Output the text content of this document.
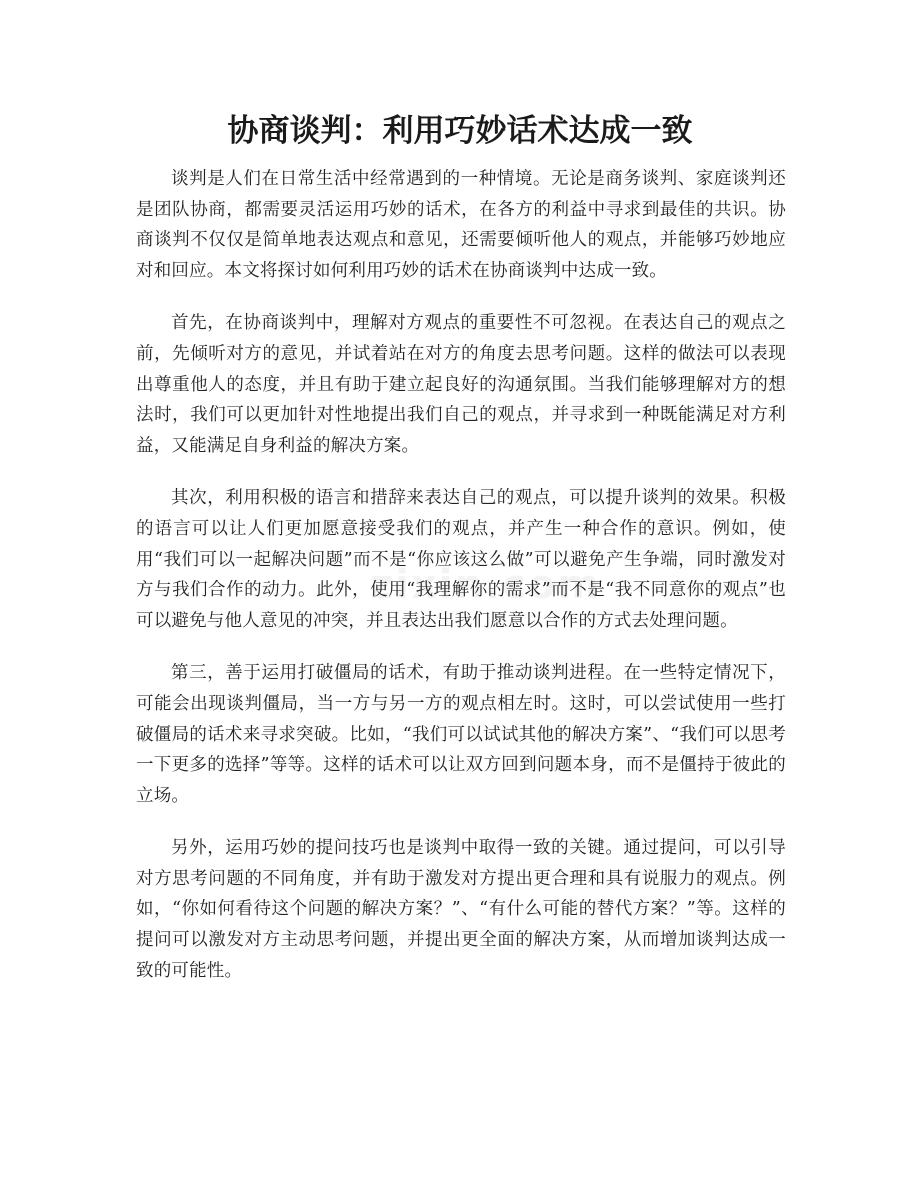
协商谈判：利用巧妙话术达成一致

谈判是人们在日常生活中经常遇到的一种情境。无论是商务谈判、家庭谈判还是团队协商，都需要灵活运用巧妙的话术，在各方的利益中寻求到最佳的共识。协商谈判不仅仅是简单地表达观点和意见，还需要倾听他人的观点，并能够巧妙地应对和回应。本文将探讨如何利用巧妙的话术在协商谈判中达成一致。

首先，在协商谈判中，理解对方观点的重要性不可忽视。在表达自己的观点之前，先倾听对方的意见，并试着站在对方的角度去思考问题。这样的做法可以表现出尊重他人的态度，并且有助于建立起良好的沟通氛围。当我们能够理解对方的想法时，我们可以更加针对性地提出我们自己的观点，并寻求到一种既能满足对方利益，又能满足自身利益的解决方案。

其次，利用积极的语言和措辞来表达自己的观点，可以提升谈判的效果。积极的语言可以让人们更加愿意接受我们的观点，并产生一种合作的意识。例如，使用“我们可以一起解决问题”而不是“你应该这么做”可以避免产生争端，同时激发对方与我们合作的动力。此外，使用“我理解你的需求”而不是“我不同意你的观点”也可以避免与他人意见的冲突，并且表达出我们愿意以合作的方式去处理问题。

第三，善于运用打破僵局的话术，有助于推动谈判进程。在一些特定情况下，可能会出现谈判僵局，当一方与另一方的观点相左时。这时，可以尝试使用一些打破僵局的话术来寻求突破。比如，“我们可以试试其他的解决方案”、“我们可以思考一下更多的选择”等等。这样的话术可以让双方回到问题本身，而不是僵持于彼此的立场。

另外，运用巧妙的提问技巧也是谈判中取得一致的关键。通过提问，可以引导对方思考问题的不同角度，并有助于激发对方提出更合理和具有说服力的观点。例如，“你如何看待这个问题的解决方案？”、“有什么可能的替代方案？”等。这样的提问可以激发对方主动思考问题，并提出更全面的解决方案，从而增加谈判达成一致的可能性。
